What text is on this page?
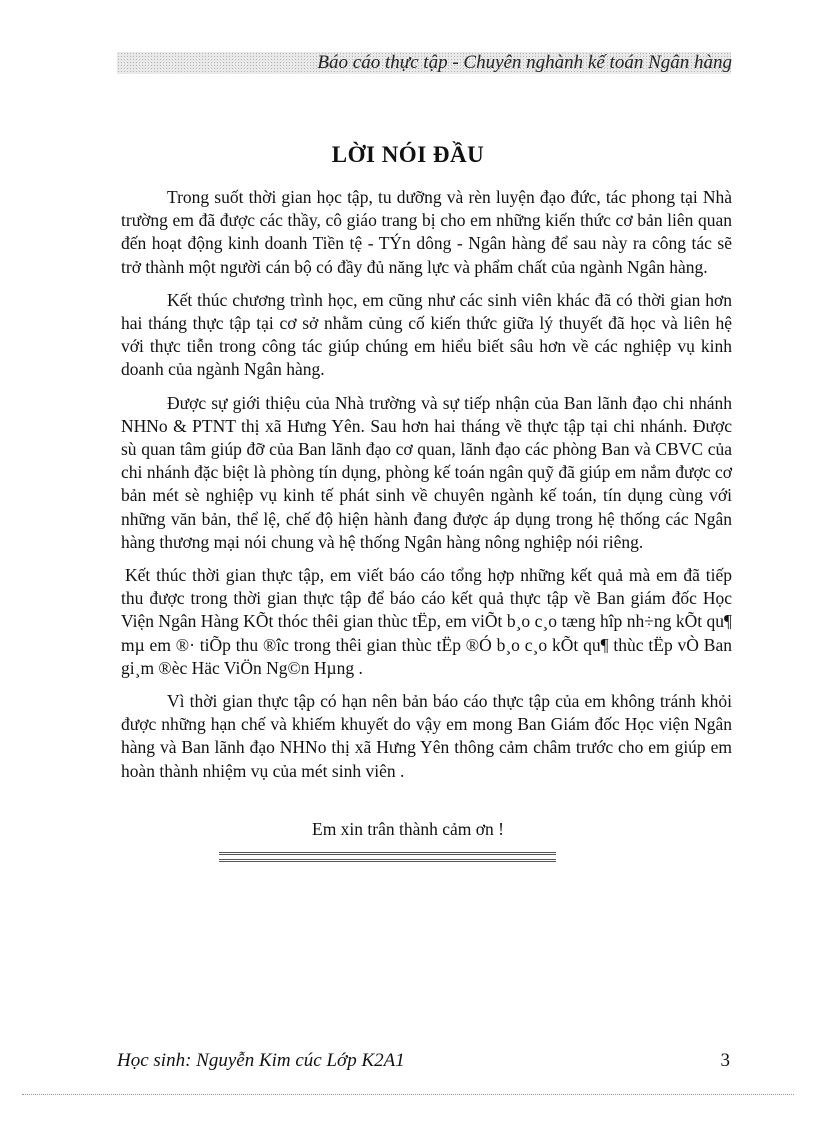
Báo cáo thực tập - Chuyên nghành kế toán Ngân hàng
LỜI NÓI ĐẦU

Trong suốt thời gian học tập, tu dưỡng và rèn luyện đạo đức, tác phong tại Nhà trường em đã được các thầy, cô giáo trang bị cho em những kiến thức cơ bản liên quan đến hoạt động kinh doanh Tiền tệ - TÝn dông - Ngân hàng để sau này ra công tác sẽ trở thành một người cán bộ có đầy đủ năng lực và phẩm chất của ngành Ngân hàng.

Kết thúc chương trình học, em cũng như các sinh viên khác đã có thời gian hơn hai tháng thực tập tại cơ sở nhằm củng cố kiến thức giữa lý thuyết đã học và liên hệ với thực tiễn trong công tác giúp chúng em hiểu biết sâu hơn về các nghiệp vụ kinh doanh của ngành Ngân hàng.

Được sự giới thiệu của Nhà trường và sự tiếp nhận của Ban lãnh đạo chi nhánh NHNo & PTNT thị xã Hưng Yên. Sau hơn hai tháng về thực tập tại chi nhánh. Được sù quan tâm giúp đỡ của Ban lãnh đạo cơ quan, lãnh đạo các phòng Ban và CBVC của chi nhánh đặc biệt là phòng tín dụng, phòng kế toán ngân quỹ đã giúp em nắm được cơ bản mét sè nghiệp vụ kinh tế phát sinh về chuyên ngành kế toán, tín dụng cùng với những văn bản, thể lệ, chế độ hiện hành đang được áp dụng trong hệ thống các Ngân hàng thương mại nói chung và hệ thống Ngân hàng nông nghiệp nói riêng.

Kết thúc thời gian thực tập, em viết báo cáo tổng hợp những kết quả mà em đã tiếp thu được trong thời gian thực tập để báo cáo kết quả thực tập về Ban giám đốc Học Viện Ngân Hàng KÕt thóc thêi gian thùc tËp, em viÕt b¸o c¸o tæng hîp nh÷ng kÕt qu¶ mµ em ®· tiÕp thu ®îc trong thêi gian thùc tËp ®Ó b¸o c¸o kÕt qu¶ thùc tËp vÒ Ban gi¸m ®èc Häc ViÖn Ng©n Hµng .

Vì thời gian thực tập có hạn nên bản báo cáo thực tập của em không tránh khỏi được những hạn chế và khiếm khuyết do vậy em mong Ban Giám đốc Học viện Ngân hàng và Ban lãnh đạo NHNo thị xã Hưng Yên thông cảm châm trước cho em giúp em hoàn thành nhiệm vụ của mét sinh viên .

Em xin trân thành cảm ơn !
Học sinh: Nguyễn Kim cúc Lớp K2A1	3
